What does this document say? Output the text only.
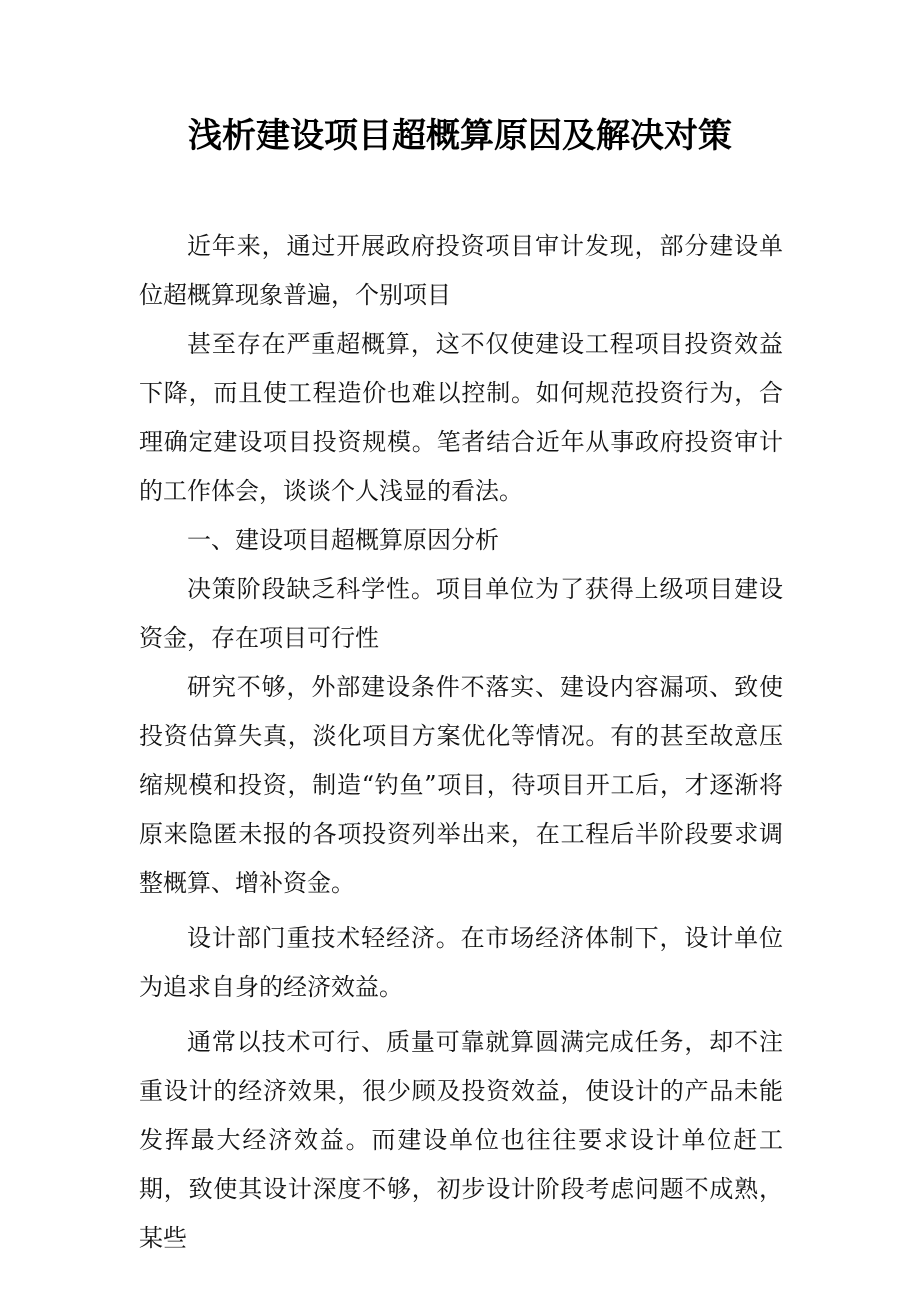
浅析建设项目超概算原因及解决对策

近年来，通过开展政府投资项目审计发现，部分建设单位超概算现象普遍，个别项目

甚至存在严重超概算，这不仅使建设工程项目投资效益下降，而且使工程造价也难以控制。如何规范投资行为，合理确定建设项目投资规模。笔者结合近年从事政府投资审计的工作体会，谈谈个人浅显的看法。

一、建设项目超概算原因分析

决策阶段缺乏科学性。项目单位为了获得上级项目建设资金，存在项目可行性

研究不够，外部建设条件不落实、建设内容漏项、致使投资估算失真，淡化项目方案优化等情况。有的甚至故意压缩规模和投资，制造“钓鱼”项目，待项目开工后，才逐渐将原来隐匿未报的各项投资列举出来，在工程后半阶段要求调整概算、增补资金。

设计部门重技术轻经济。在市场经济体制下，设计单位为追求自身的经济效益。

通常以技术可行、质量可靠就算圆满完成任务，却不注重设计的经济效果，很少顾及投资效益，使设计的产品未能发挥最大经济效益。而建设单位也往往要求设计单位赶工期，致使其设计深度不够，初步设计阶段考虑问题不成熟，某些
